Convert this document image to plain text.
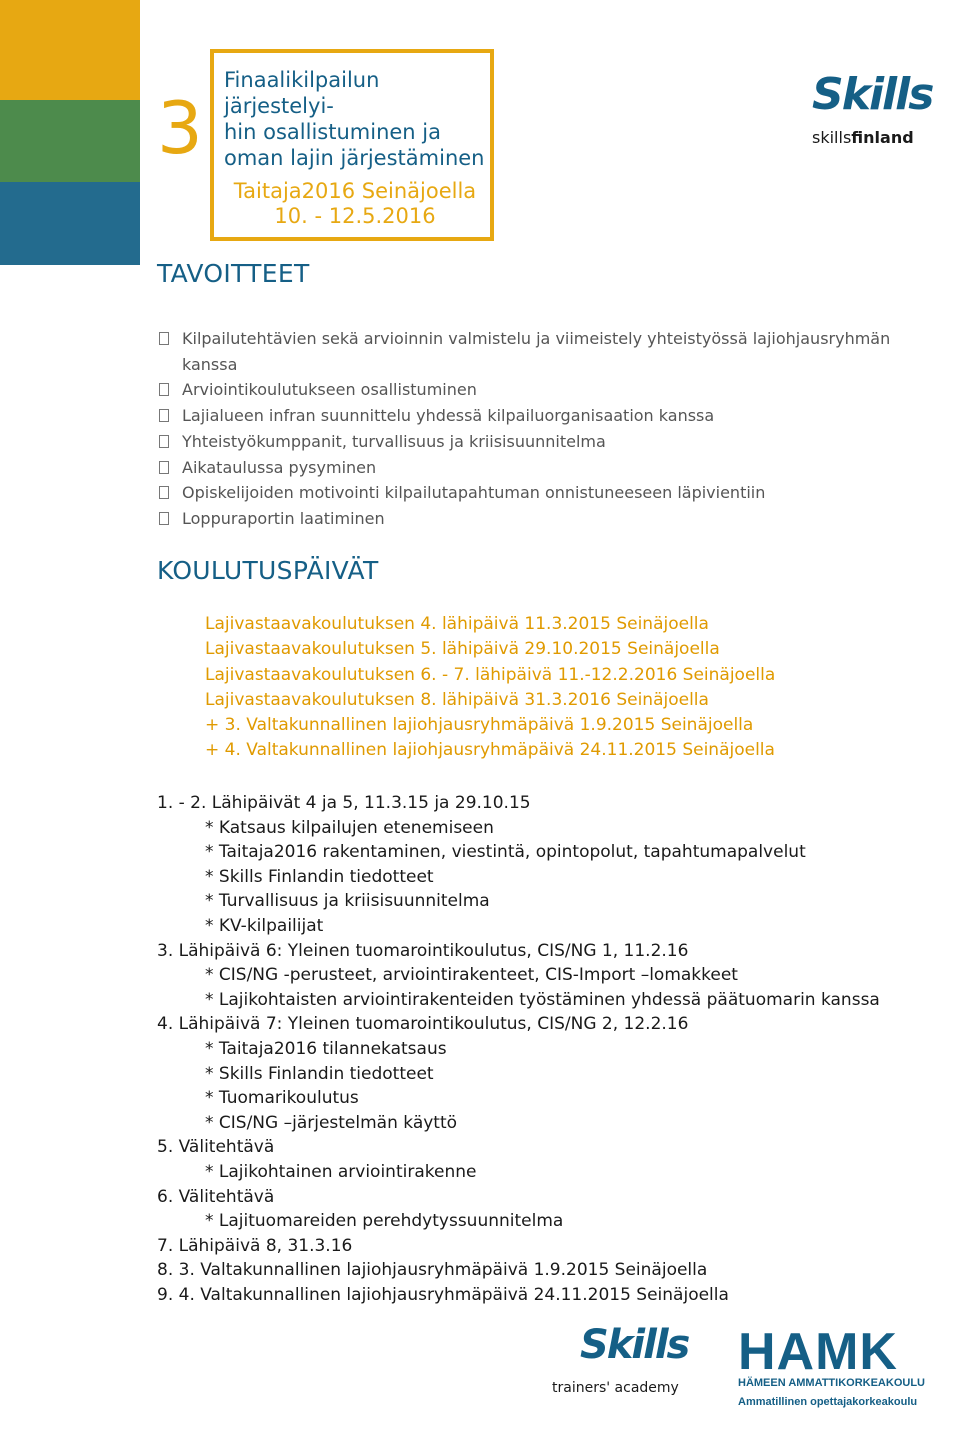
3
Finaalikilpailun järjestelyi-
hin osallistuminen ja
oman lajin järjestäminen
Taitaja2016 Seinäjoella
10. - 12.5.2016
Skills
skillsfinland
TAVOITTEET
Kilpailutehtävien sekä arvioinnin valmistelu ja viimeistely yhteistyössä lajiohjausryhmän kanssa
Arviointikoulutukseen osallistuminen
Lajialueen infran suunnittelu yhdessä kilpailuorganisaation kanssa
Yhteistyökumppanit, turvallisuus ja kriisisuunnitelma
Aikataulussa pysyminen
Opiskelijoiden motivointi kilpailutapahtuman onnistuneeseen läpivientiin
Loppuraportin laatiminen
KOULUTUSPÄIVÄT
Lajivastaavakoulutuksen 4. lähipäivä 11.3.2015 Seinäjoella
Lajivastaavakoulutuksen 5. lähipäivä 29.10.2015 Seinäjoella
Lajivastaavakoulutuksen 6. - 7. lähipäivä 11.-12.2.2016 Seinäjoella
Lajivastaavakoulutuksen 8. lähipäivä 31.3.2016 Seinäjoella
+ 3. Valtakunnallinen lajiohjausryhmäpäivä 1.9.2015 Seinäjoella
+ 4. Valtakunnallinen lajiohjausryhmäpäivä 24.11.2015 Seinäjoella
1. - 2. Lähipäivät 4 ja 5, 11.3.15 ja 29.10.15
* Katsaus kilpailujen etenemiseen
* Taitaja2016 rakentaminen, viestintä, opintopolut, tapahtumapalvelut
* Skills Finlandin tiedotteet
* Turvallisuus ja kriisisuunnitelma
* KV-kilpailijat
3. Lähipäivä 6: Yleinen tuomarointikoulutus, CIS/NG 1, 11.2.16
* CIS/NG -perusteet, arviointirakenteet, CIS-Import –lomakkeet
* Lajikohtaisten arviointirakenteiden työstäminen yhdessä päätuomarin kanssa
4. Lähipäivä 7: Yleinen tuomarointikoulutus, CIS/NG 2, 12.2.16
* Taitaja2016 tilannekatsaus
* Skills Finlandin tiedotteet
* Tuomarikoulutus
* CIS/NG –järjestelmän käyttö
5. Välitehtävä
* Lajikohtainen arviointirakenne
6. Välitehtävä
* Lajituomareiden perehdytyssuunnitelma
7. Lähipäivä 8, 31.3.16
8. 3. Valtakunnallinen lajiohjausryhmäpäivä 1.9.2015 Seinäjoella
9. 4. Valtakunnallinen lajiohjausryhmäpäivä 24.11.2015 Seinäjoella
www.ham
Skills
trainers' academy
HAMK
HÄMEEN AMMATTIKORKEAKOULU
Ammatillinen opettajakorkeakoulu
